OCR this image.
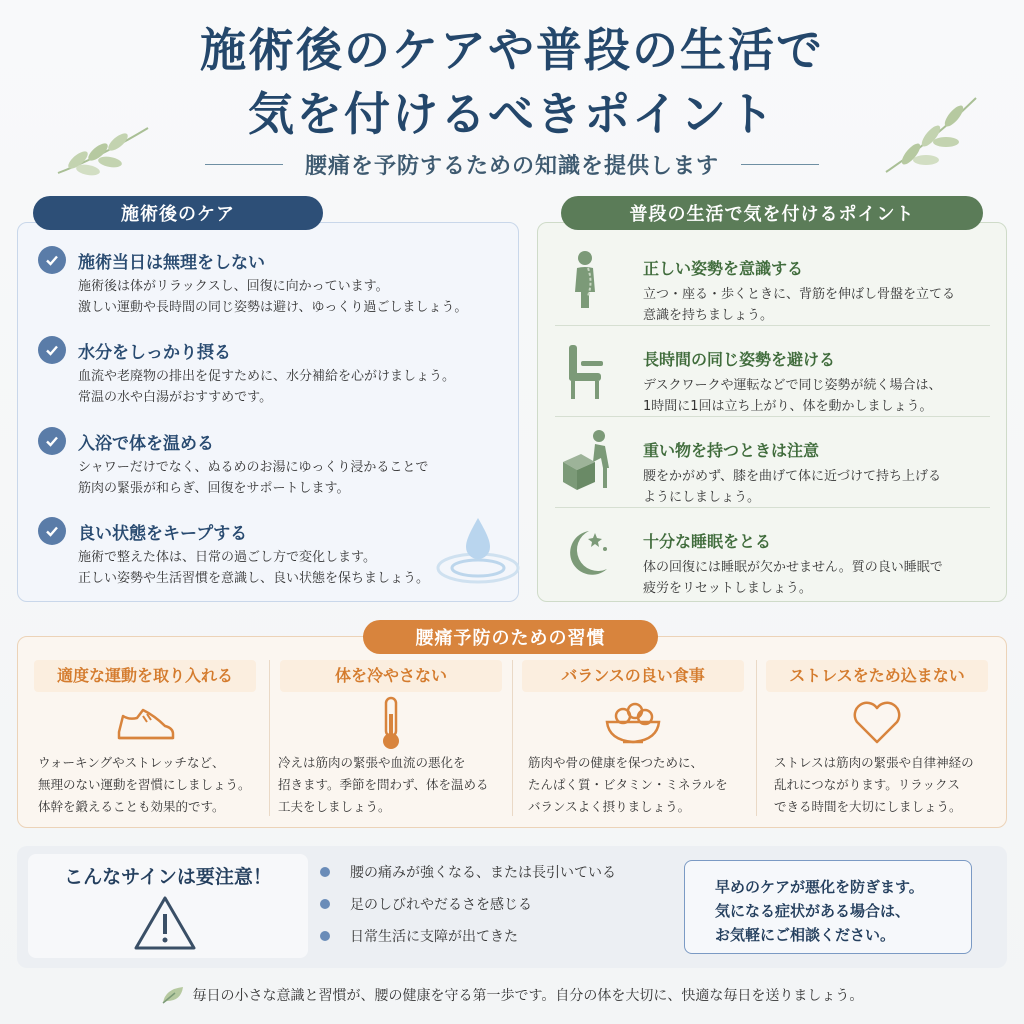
施術後のケアや普段の生活で
気を付けるべきポイント
腰痛を予防するための知識を提供します
施術後のケア
施術当日は無理をしない
施術後は体がリラックスし、回復に向かっています。
激しい運動や長時間の同じ姿勢は避け、ゆっくり過ごしましょう。
水分をしっかり摂る
血流や老廃物の排出を促すために、水分補給を心がけましょう。
常温の水や白湯がおすすめです。
入浴で体を温める
シャワーだけでなく、ぬるめのお湯にゆっくり浸かることで
筋肉の緊張が和らぎ、回復をサポートします。
良い状態をキープする
施術で整えた体は、日常の過ごし方で変化します。
正しい姿勢や生活習慣を意識し、良い状態を保ちましょう。
普段の生活で気を付けるポイント
正しい姿勢を意識する
立つ・座る・歩くときに、背筋を伸ばし骨盤を立てる
意識を持ちましょう。
長時間の同じ姿勢を避ける
デスクワークや運転などで同じ姿勢が続く場合は、
1時間に1回は立ち上がり、体を動かしましょう。
重い物を持つときは注意
腰をかがめず、膝を曲げて体に近づけて持ち上げる
ようにしましょう。
十分な睡眠をとる
体の回復には睡眠が欠かせません。質の良い睡眠で
疲労をリセットしましょう。
腰痛予防のための習慣
適度な運動を取り入れる
ウォーキングやストレッチなど、
無理のない運動を習慣にしましょう。
体幹を鍛えることも効果的です。
体を冷やさない
冷えは筋肉の緊張や血流の悪化を
招きます。季節を問わず、体を温める
工夫をしましょう。
バランスの良い食事
筋肉や骨の健康を保つために、
たんぱく質・ビタミン・ミネラルを
バランスよく摂りましょう。
ストレスをため込まない
ストレスは筋肉の緊張や自律神経の
乱れにつながります。リラックス
できる時間を大切にしましょう。
こんなサインは要注意！	腰の痛みが強くなる、または長引いている
足のしびれやだるさを感じる
日常生活に支障が出てきた
早めのケアが悪化を防ぎます。
気になる症状がある場合は、
お気軽にご相談ください。
毎日の小さな意識と習慣が、腰の健康を守る第一歩です。自分の体を大切に、快適な毎日を送りましょう。
